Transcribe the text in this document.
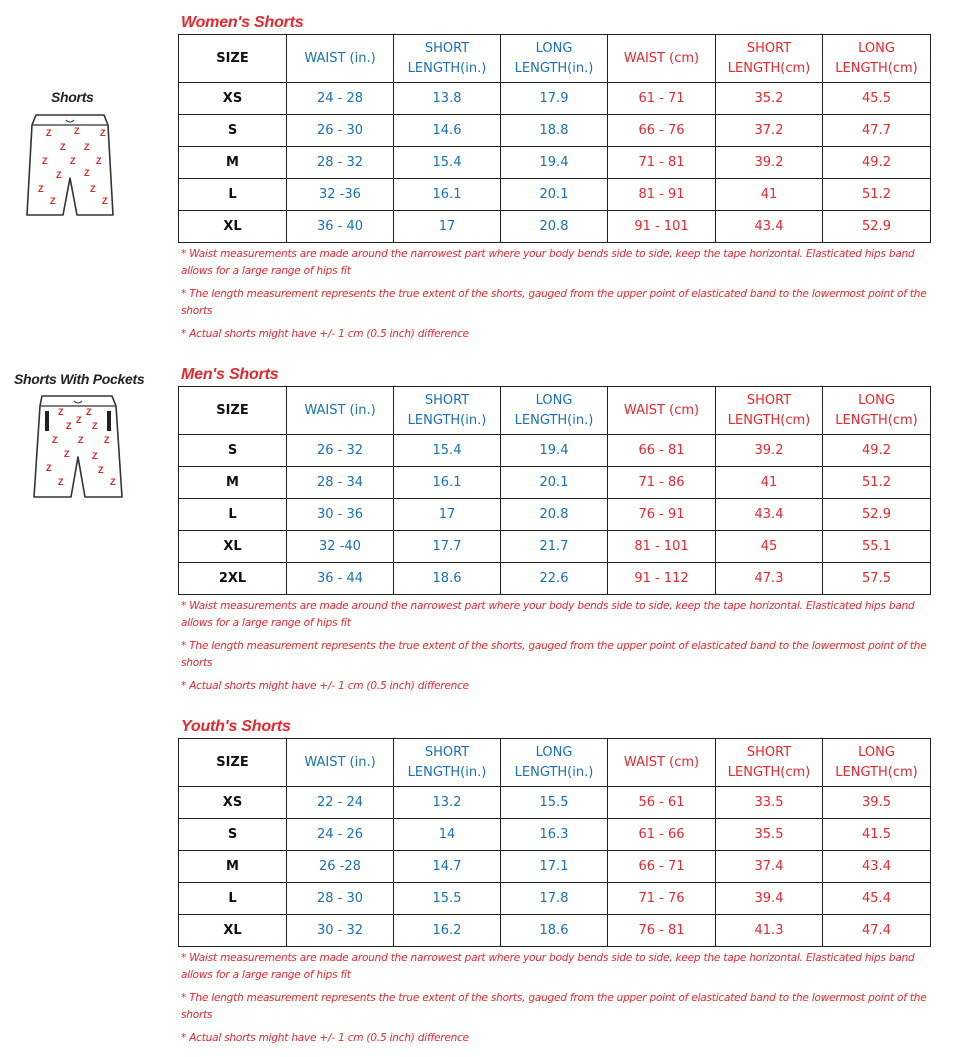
Shorts
Z	Z Z
Z Z
Z	Z Z
Z	Z
Z
Z
Z
Z
Shorts With Pockets
Z	Z
Z Z
Z Z Z
Z	Z
Z
Z
Z
Z
Z
Women's Shorts
SIZE	WAIST (in.)	SHORT LENGTH(in.)	LONG LENGTH(in.)	WAIST (cm)	SHORT LENGTH(cm)	LONG LENGTH(cm)
XS	24 - 28	13.8	17.9	61 - 71	35.2	45.5
S	26 - 30	14.6	18.8	66 - 76	37.2	47.7
M	28 - 32	15.4	19.4	71 - 81	39.2	49.2
L	32 -36	16.1	20.1	81 - 91	41	51.2
XL	36 - 40	17	20.8	91 - 101	43.4	52.9
* Waist measurements are made around the narrowest part where your body bends side to side, keep the tape horizontal. Elasticated hips band allows for a large range of hips fit
* The length measurement represents the true extent of the shorts, gauged from the upper point of elasticated band to the lowermost point of the shorts
* Actual shorts might have +/- 1 cm (0.5 inch) difference
Men's Shorts
SIZE	WAIST (in.)	SHORT LENGTH(in.)	LONG LENGTH(in.)	WAIST (cm)	SHORT LENGTH(cm)	LONG LENGTH(cm)
S	26 - 32	15.4	19.4	66 - 81	39.2	49.2
M	28 - 34	16.1	20.1	71 - 86	41	51.2
L	30 - 36	17	20.8	76 - 91	43.4	52.9
XL	32 -40	17.7	21.7	81 - 101	45	55.1
2XL	36 - 44	18.6	22.6	91 - 112	47.3	57.5
* Waist measurements are made around the narrowest part where your body bends side to side, keep the tape horizontal. Elasticated hips band allows for a large range of hips fit
* The length measurement represents the true extent of the shorts, gauged from the upper point of elasticated band to the lowermost point of the shorts
* Actual shorts might have +/- 1 cm (0.5 inch) difference
Youth's Shorts
SIZE	WAIST (in.)	SHORT LENGTH(in.)	LONG LENGTH(in.)	WAIST (cm)	SHORT LENGTH(cm)	LONG LENGTH(cm)
XS	22 - 24	13.2	15.5	56 - 61	33.5	39.5
S	24 - 26	14	16.3	61 - 66	35.5	41.5
M	26 -28	14.7	17.1	66 - 71	37.4	43.4
L	28 - 30	15.5	17.8	71 - 76	39.4	45.4
XL	30 - 32	16.2	18.6	76 - 81	41.3	47.4
* Waist measurements are made around the narrowest part where your body bends side to side, keep the tape horizontal. Elasticated hips band allows for a large range of hips fit
* The length measurement represents the true extent of the shorts, gauged from the upper point of elasticated band to the lowermost point of the shorts
* Actual shorts might have +/- 1 cm (0.5 inch) difference
